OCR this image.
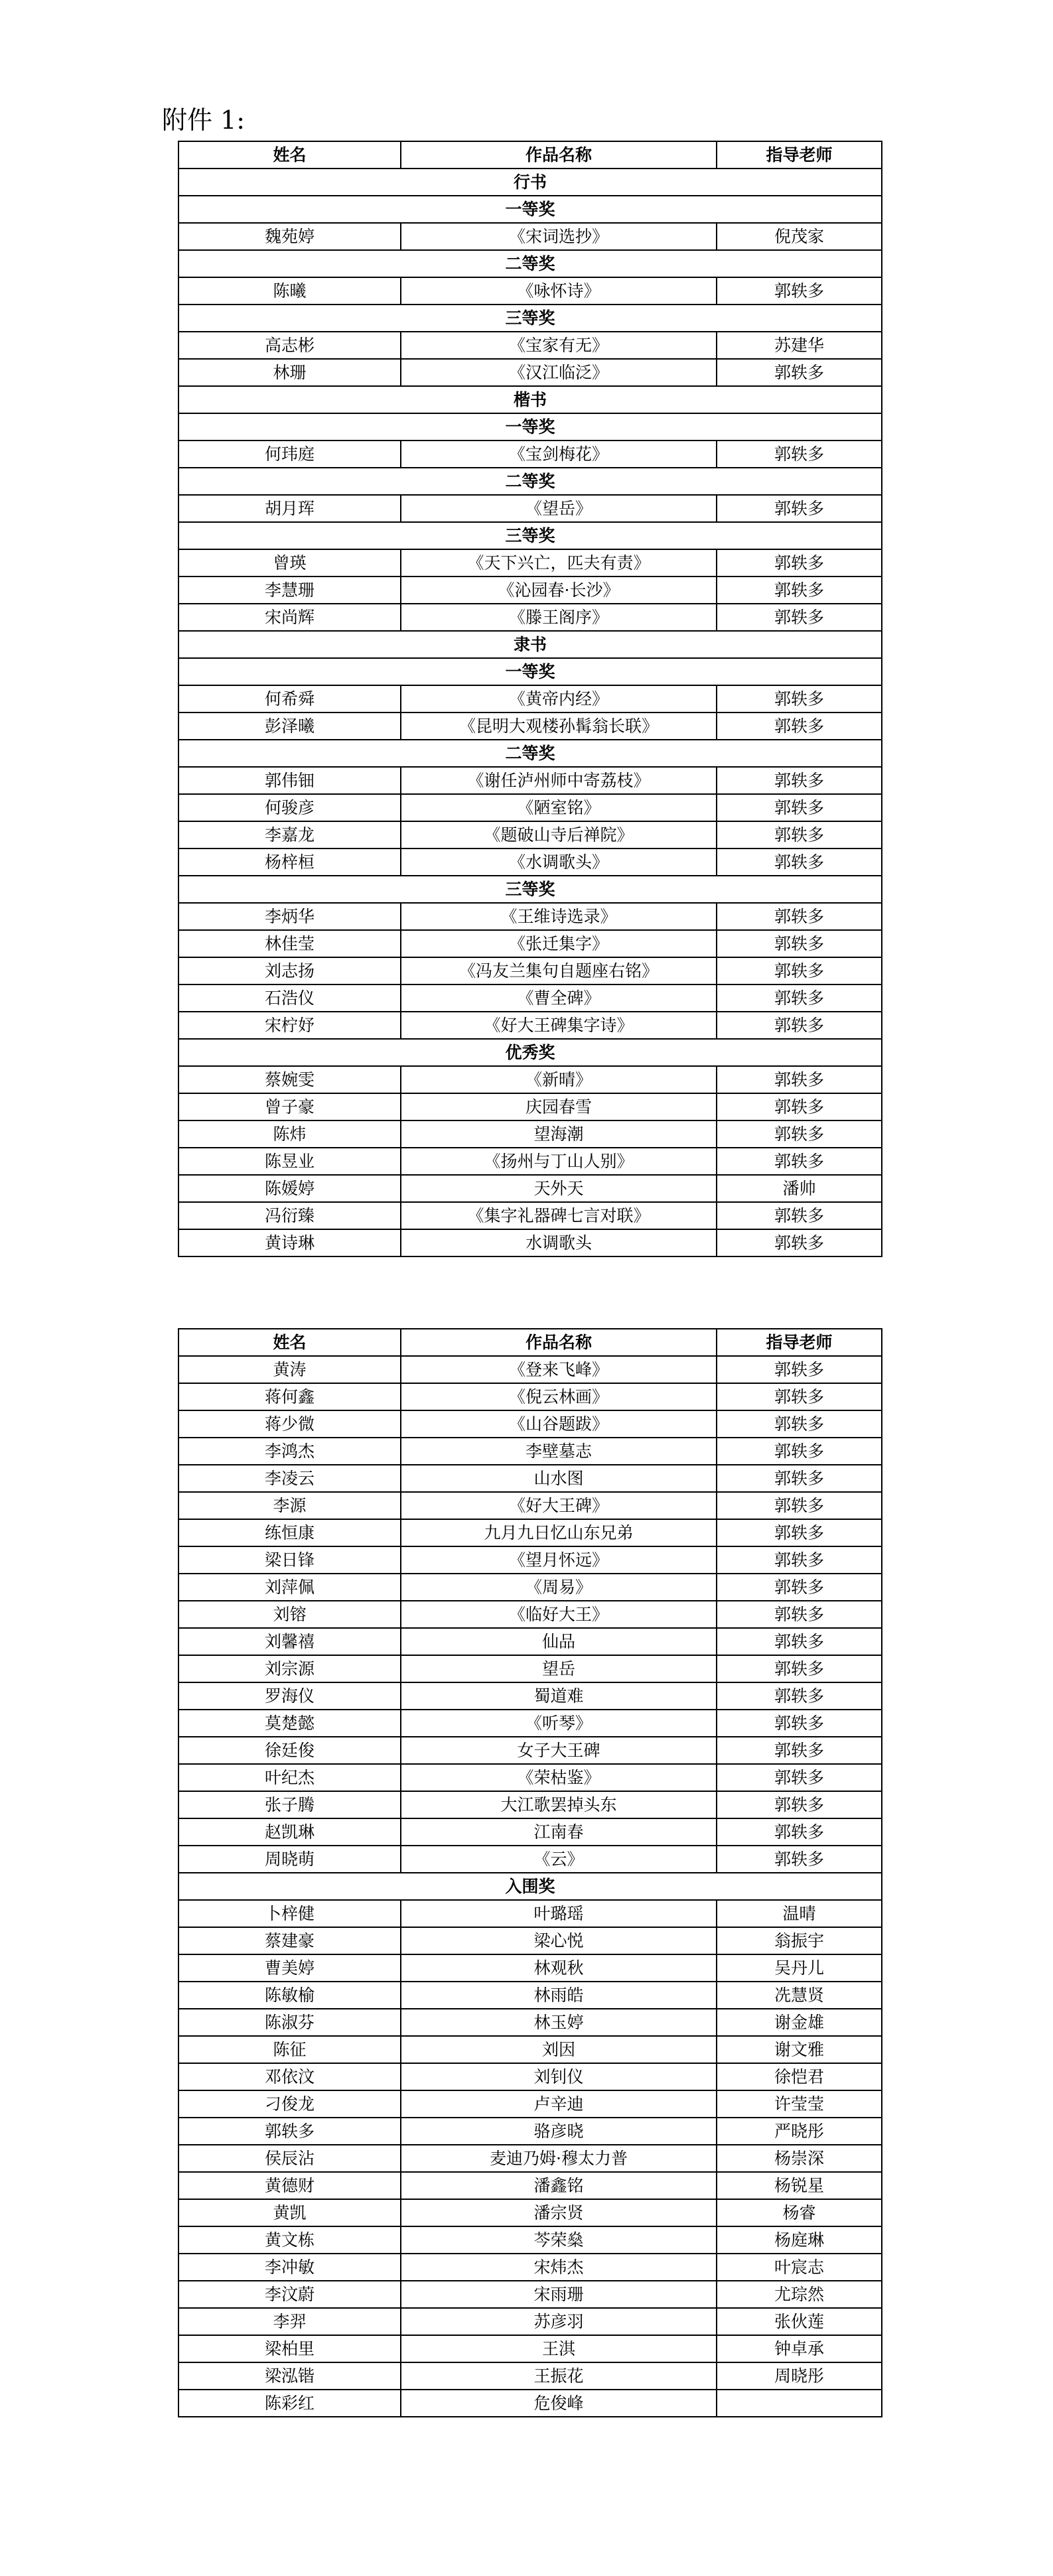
附件 1:
姓名	作品名称	指导老师
行书		
一等奖		
魏苑婷	《宋词选抄》	倪茂家
二等奖		
陈曦	《咏怀诗》	郭轶多
三等奖		
高志彬	《宝家有无》	苏建华
林珊	《汉江临泛》	郭轶多
楷书		
一等奖		
何玮庭	《宝剑梅花》	郭轶多
二等奖		
胡月珲	《望岳》	郭轶多
三等奖		
曾瑛	《天下兴亡，匹夫有责》	郭轶多
李慧珊	《沁园春·长沙》	郭轶多
宋尚辉	《滕王阁序》	郭轶多
隶书		
一等奖		
何希舜	《黄帝内经》	郭轶多
彭泽曦	《昆明大观楼孙髯翁长联》	郭轶多
二等奖		
郭伟钿	《谢任泸州师中寄荔枝》	郭轶多
何骏彦	《陋室铭》	郭轶多
李嘉龙	《题破山寺后禅院》	郭轶多
杨梓桓	《水调歌头》	郭轶多
三等奖		
李炳华	《王维诗选录》	郭轶多
林佳莹	《张迁集字》	郭轶多
刘志扬	《冯友兰集句自题座右铭》	郭轶多
石浩仪	《曹全碑》	郭轶多
宋柠妤	《好大王碑集字诗》	郭轶多
优秀奖		
蔡婉雯	《新晴》	郭轶多
曾子豪	庆园春雪	郭轶多
陈炜	望海潮	郭轶多
陈昱业	《扬州与丁山人别》	郭轶多
陈媛婷	天外天	潘帅
冯衍臻	《集字礼器碑七言对联》	郭轶多
黄诗琳	水调歌头	郭轶多
姓名	作品名称	指导老师
黄涛	《登来飞峰》	郭轶多
蒋何鑫	《倪云林画》	郭轶多
蒋少微	《山谷题跋》	郭轶多
李鸿杰	李壁墓志	郭轶多
李凌云	山水图	郭轶多
李源	《好大王碑》	郭轶多
练恒康	九月九日忆山东兄弟	郭轶多
梁日锋	《望月怀远》	郭轶多
刘萍佩	《周易》	郭轶多
刘镕	《临好大王》	郭轶多
刘馨禧	仙品	郭轶多
刘宗源	望岳	郭轶多
罗海仪	蜀道难	郭轶多
莫楚懿	《听琴》	郭轶多
徐廷俊	女子大王碑	郭轶多
叶纪杰	《荣枯鉴》	郭轶多
张子腾	大江歌罢掉头东	郭轶多
赵凯琳	江南春	郭轶多
周晓萌	《云》	郭轶多
入围奖		
卜梓健	叶璐瑶	温晴
蔡建豪	梁心悦	翁振宇
曹美婷	林观秋	吴丹儿
陈敏榆	林雨皓	冼慧贤
陈淑芬	林玉婷	谢金雄
陈征	刘因	谢文雅
邓依汶	刘钊仪	徐恺君
刁俊龙	卢辛迪	许莹莹
郭轶多	骆彦晓	严晓彤
侯辰沾	麦迪乃姆·穆太力普	杨崇深
黄德财	潘鑫铭	杨锐星
黄凯	潘宗贤	杨睿
黄文栋	芩荣燊	杨庭琳
李冲敏	宋炜杰	叶宸志
李汶蔚	宋雨珊	尤琮然
李羿	苏彦羽	张伙莲
梁柏里	王淇	钟卓承
梁泓锴	王振花	周晓彤
陈彩红	危俊峰	
